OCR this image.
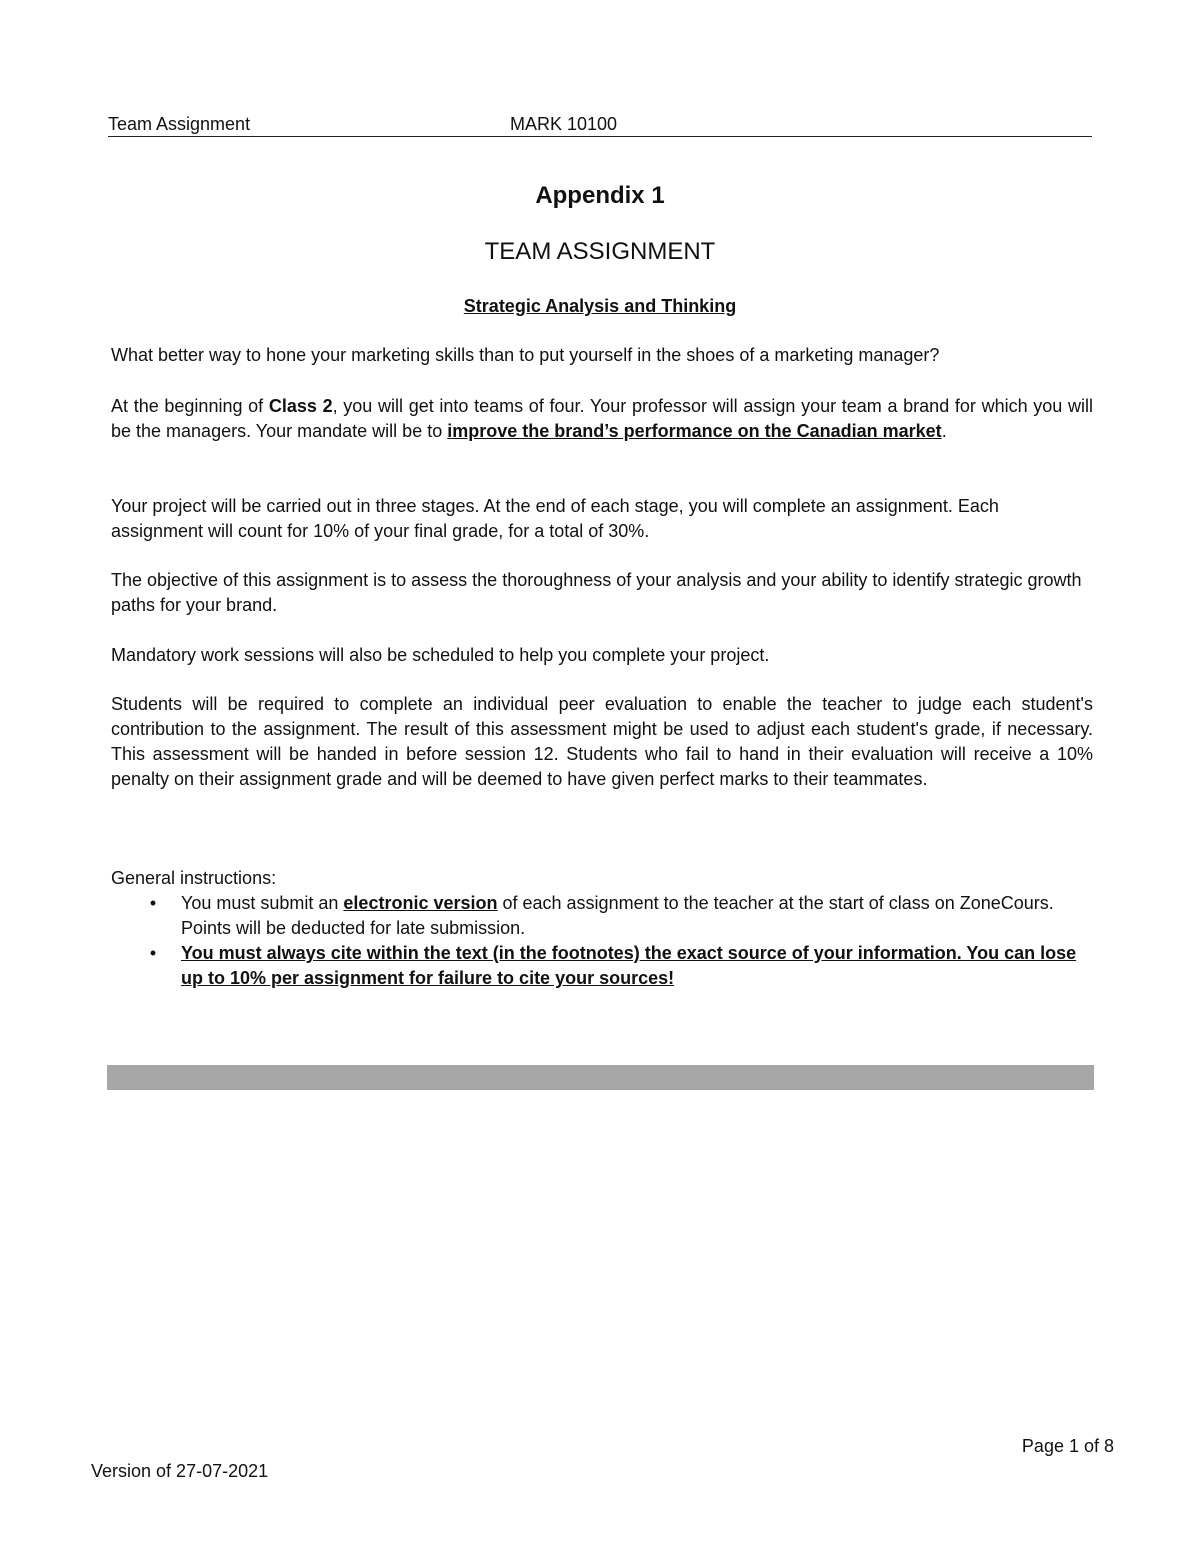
Team Assignment	MARK 10100
Appendix 1
TEAM ASSIGNMENT
Strategic Analysis and Thinking
What better way to hone your marketing skills than to put yourself in the shoes of a marketing manager?
At the beginning of Class 2, you will get into teams of four. Your professor will assign your team a brand for which you will be the managers. Your mandate will be to improve the brand’s performance on the Canadian market.
Your project will be carried out in three stages. At the end of each stage, you will complete an assignment. Each assignment will count for 10% of your final grade, for a total of 30%.
The objective of this assignment is to assess the thoroughness of your analysis and your ability to identify strategic growth paths for your brand.
Mandatory work sessions will also be scheduled to help you complete your project.
Students will be required to complete an individual peer evaluation to enable the teacher to judge each student's contribution to the assignment. The result of this assessment might be used to adjust each student's grade, if necessary. This assessment will be handed in before session 12. Students who fail to hand in their evaluation will receive a 10% penalty on their assignment grade and will be deemed to have given perfect marks to their teammates.
General instructions:
• You must submit an electronic version of each assignment to the teacher at the start of class on ZoneCours. Points will be deducted for late submission.
• You must always cite within the text (in the footnotes) the exact source of your information. You can lose up to 10% per assignment for failure to cite your sources!
Page 1 of 8
Version of 27-07-2021
